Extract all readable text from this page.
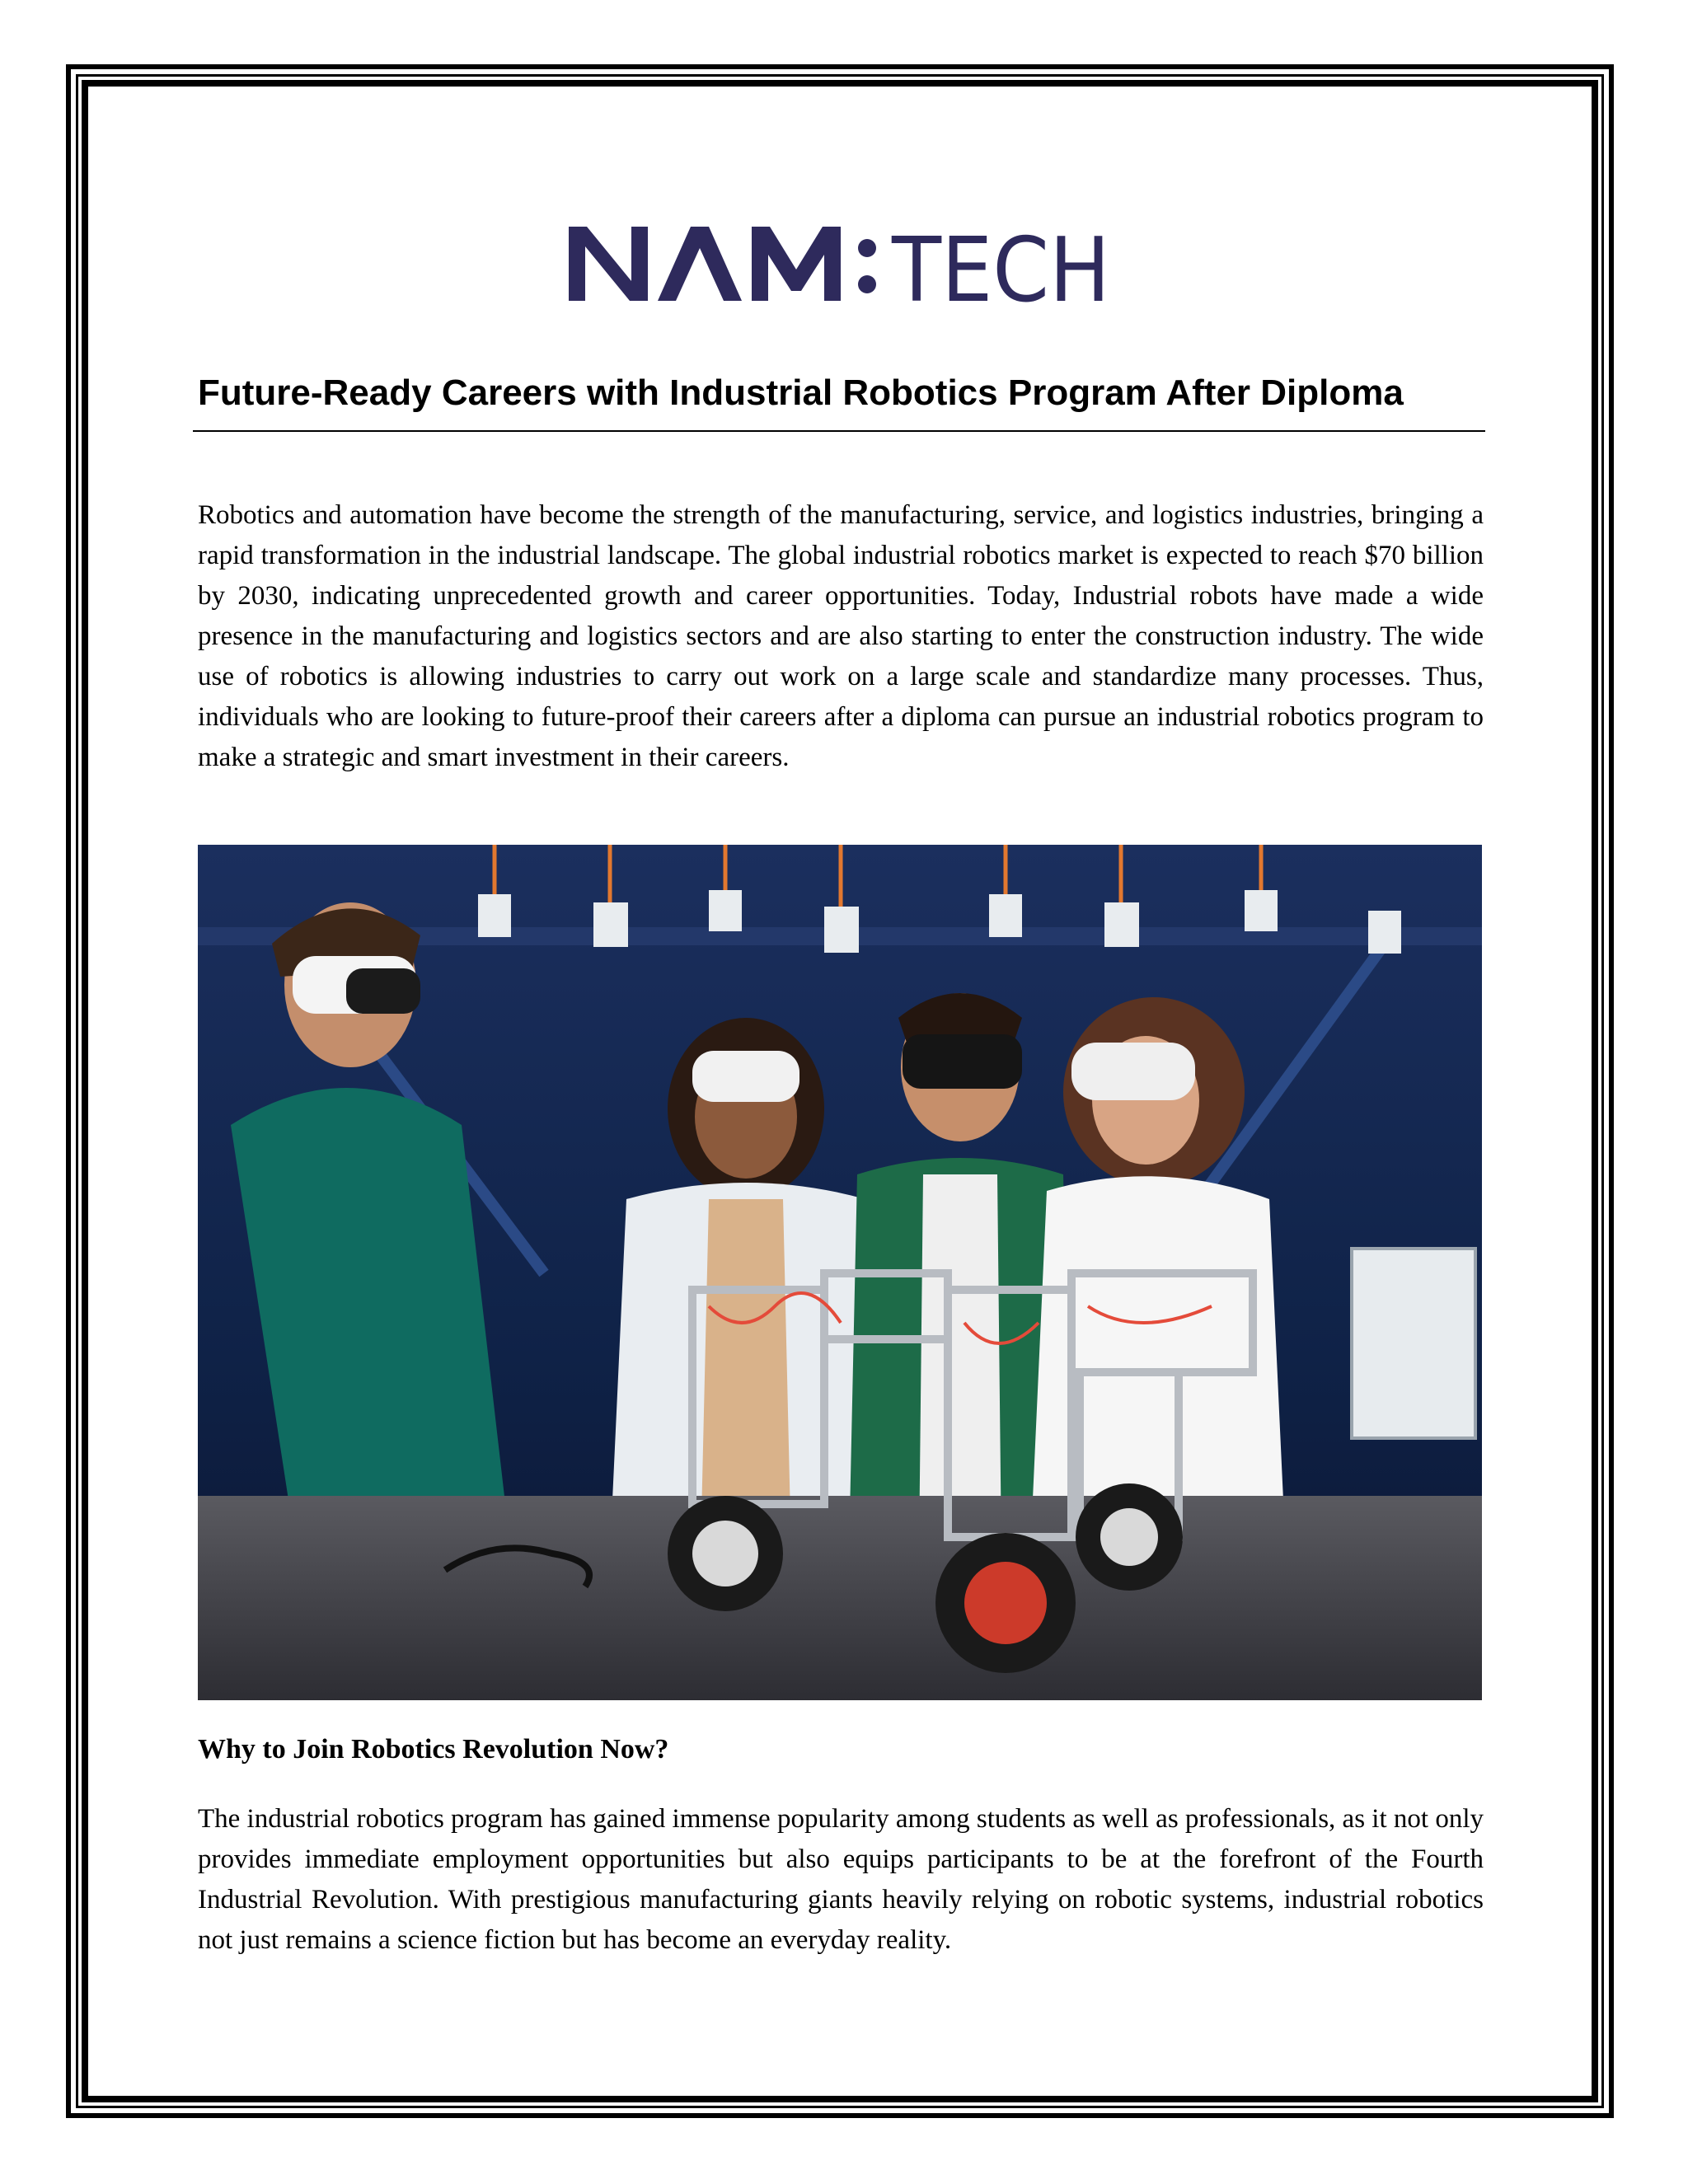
TECH
Future-Ready Careers with Industrial Robotics Program After Diploma

Robotics and automation have become the strength of the manufacturing, service, and logistics industries, bringing a rapid transformation in the industrial landscape. The global industrial robotics market is expected to reach $70 billion by 2030, indicating unprecedented growth and career opportunities. Today, Industrial robots have made a wide presence in the manufacturing and logistics sectors and are also starting to enter the construction industry. The wide use of robotics is allowing industries to carry out work on a large scale and standardize many processes. Thus, individuals who are looking to future-proof their careers after a diploma can pursue an industrial robotics program to make a strategic and smart investment in their careers.

Why to Join Robotics Revolution Now?

The industrial robotics program has gained immense popularity among students as well as professionals, as it not only provides immediate employment opportunities but also equips participants to be at the forefront of the Fourth Industrial Revolution. With prestigious manufacturing giants heavily relying on robotic systems, industrial robotics not just remains a science fiction but has become an everyday reality.
